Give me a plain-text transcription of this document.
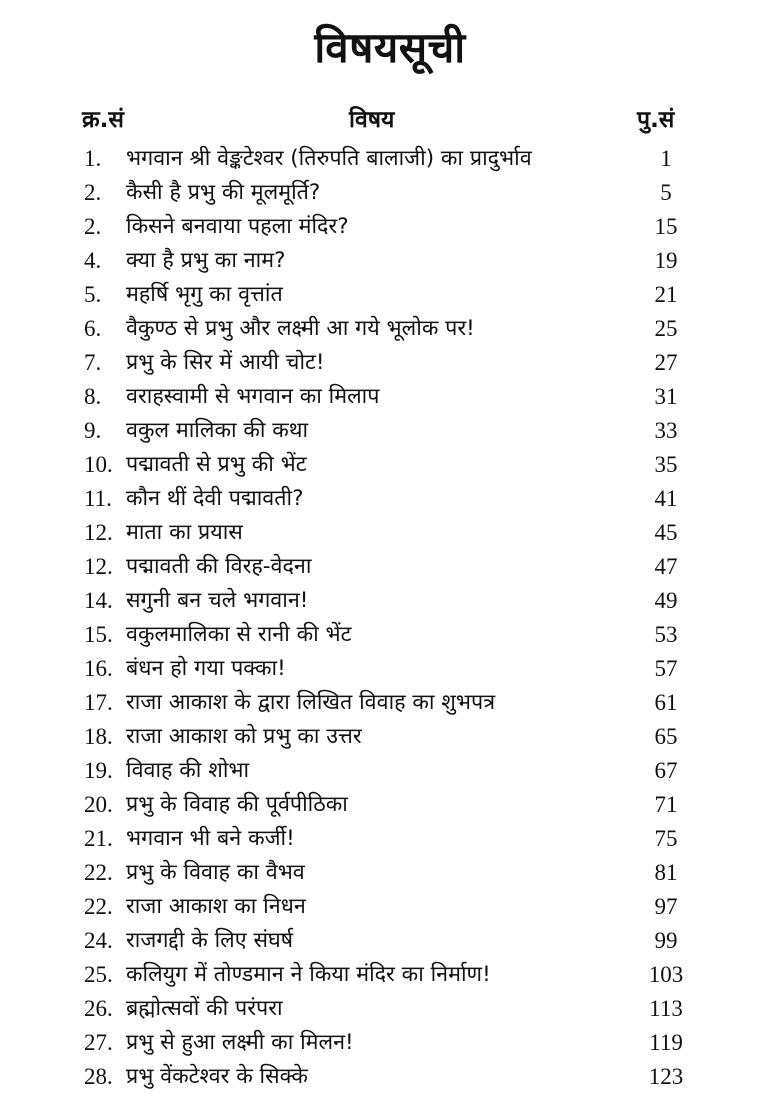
विषयसूची
क्र.सं	विषय	पु.सं
1. भगवान श्री वेङ्कटेश्वर (तिरुपति बालाजी) का प्रादुर्भाव	1
2. कैसी है प्रभु की मूलमूर्ति?	5
2. किसने बनवाया पहला मंदिर?	15
4. क्या है प्रभु का नाम?	19
5. महर्षि भृगु का वृत्तांत	21
6. वैकुण्ठ से प्रभु और लक्ष्मी आ गये भूलोक पर!	25
7. प्रभु के सिर में आयी चोट!	27
8. वराहस्वामी से भगवान का मिलाप	31
9. वकुल मालिका की कथा	33
10. पद्मावती से प्रभु की भेंट	35
11. कौन थीं देवी पद्मावती?	41
12. माता का प्रयास	45
12. पद्मावती की विरह-वेदना	47
14. सगुनी बन चले भगवान!	49
15. वकुलमालिका से रानी की भेंट	53
16. बंधन हो गया पक्का!	57
17. राजा आकाश के द्वारा लिखित विवाह का शुभपत्र	61
18. राजा आकाश को प्रभु का उत्तर	65
19. विवाह की शोभा	67
20. प्रभु के विवाह की पूर्वपीठिका	71
21. भगवान भी बने कर्जी!	75
22. प्रभु के विवाह का वैभव	81
22. राजा आकाश का निधन	97
24. राजगद्दी के लिए संघर्ष	99
25. कलियुग में तोण्डमान ने किया मंदिर का निर्माण!	103
26. ब्रह्मोत्सवों की परंपरा	113
27. प्रभु से हुआ लक्ष्मी का मिलन!	119
28. प्रभु वेंकटेश्वर के सिक्के	123
